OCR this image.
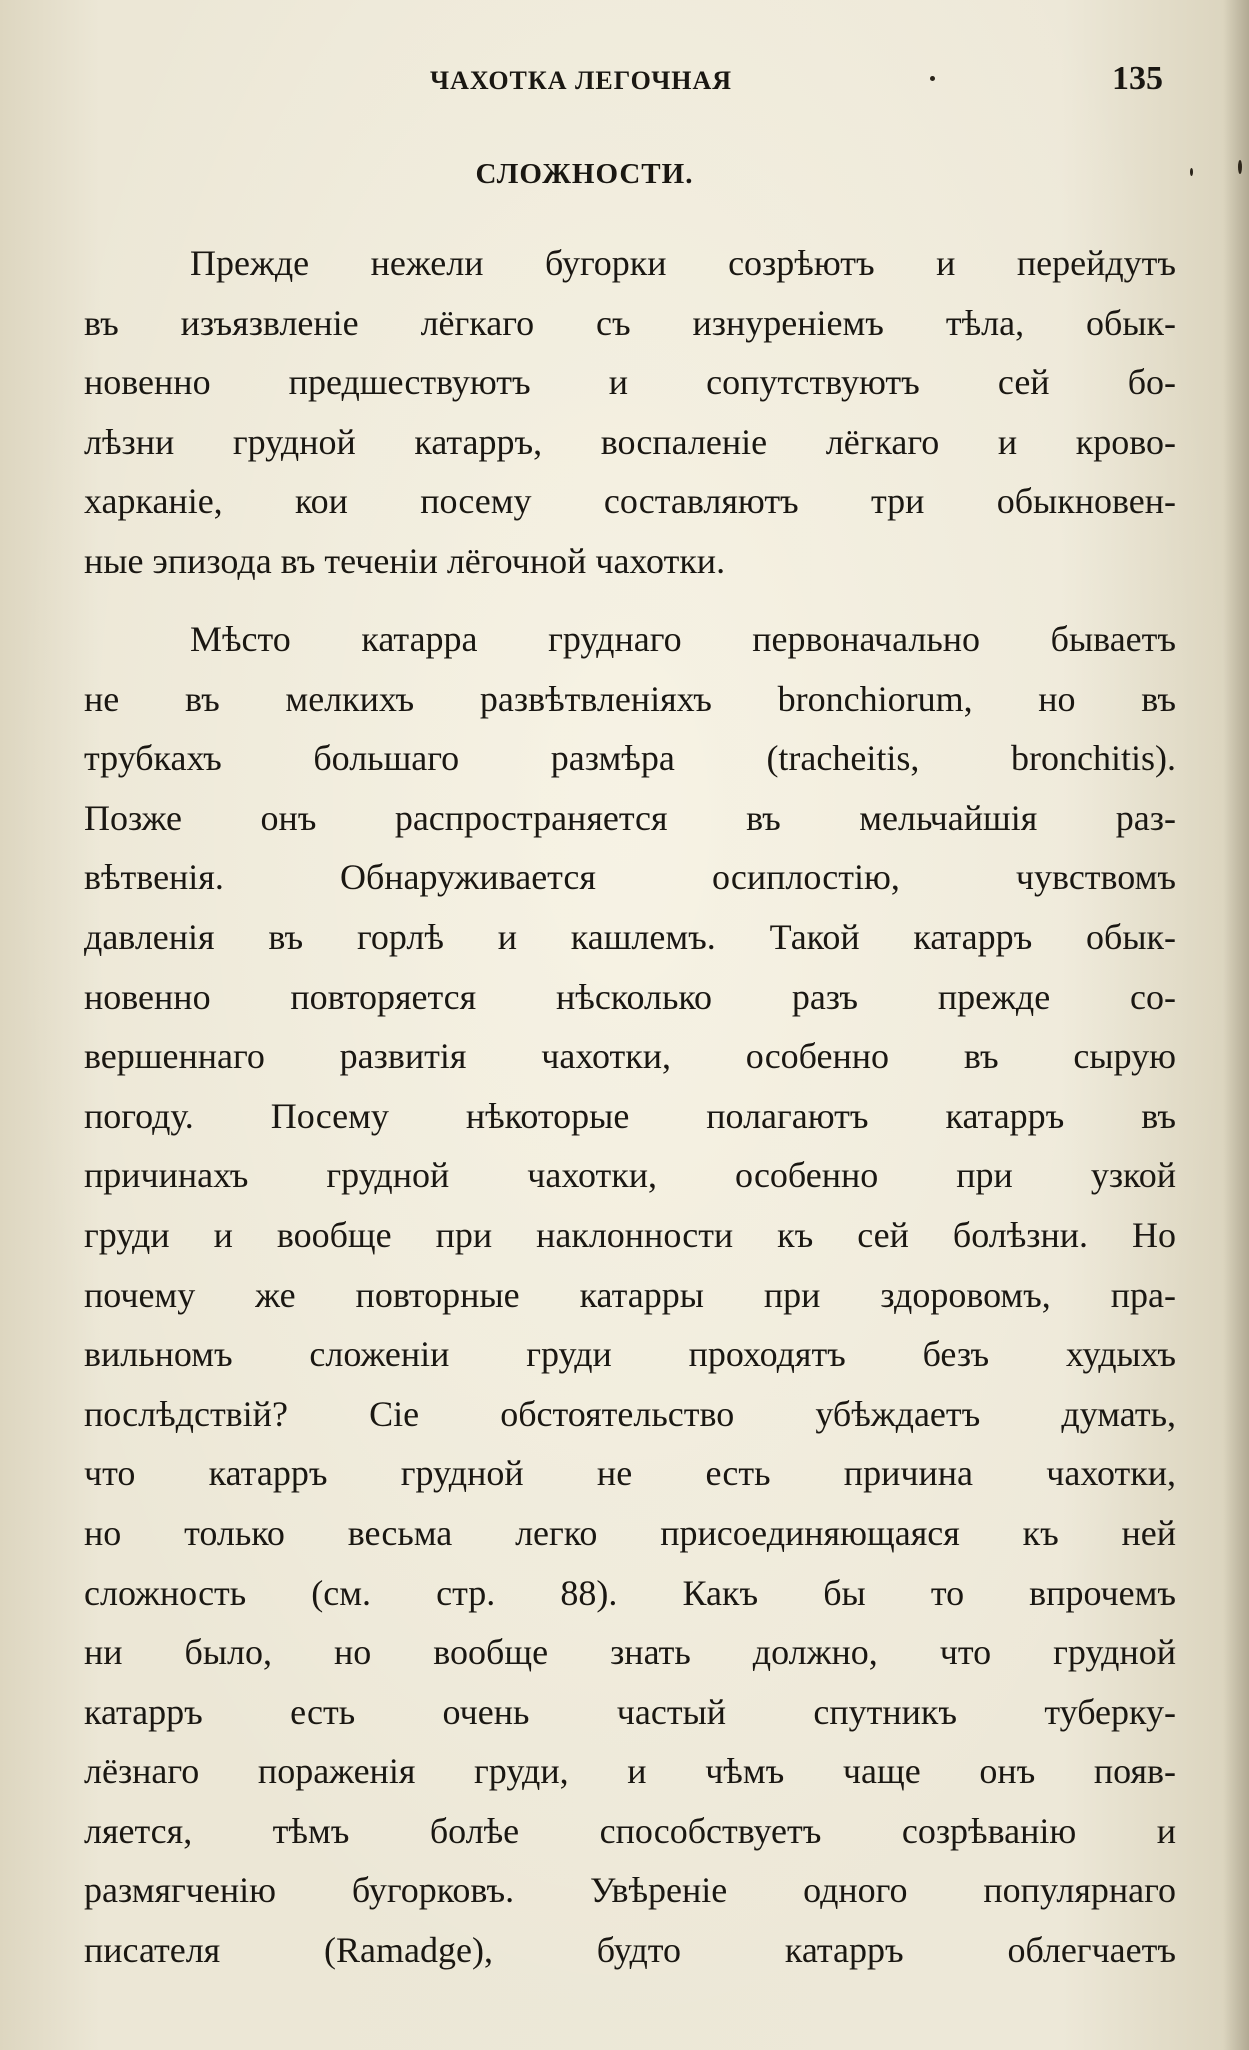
ЧАХОТКА ЛЕГОЧНАЯ	135
СЛОЖНОСТИ.
Прежде нежели бугорки созрѣютъ и перейдутъ
въ изъязвленіе лёгкаго съ изнуреніемъ тѣла, обык-
новенно предшествуютъ и сопутствуютъ сей бо-
лѣзни грудной катарръ, воспаленіе лёгкаго и крово-
харканіе, кои посему составляютъ три обыкновен-
ные эпизода въ теченіи лёгочной чахотки.
Мѣсто катарра груднаго первоначально бываетъ
не въ мелкихъ развѣтвленіяхъ bronchiorum, но въ
трубкахъ большаго размѣра (tracheitis, bronchitis).
Позже онъ распространяется въ мельчайшія раз-
вѣтвенія. Обнаруживается осиплостію, чувствомъ
давленія въ горлѣ и кашлемъ. Такой катарръ обык-
новенно повторяется нѣсколько разъ прежде со-
вершеннаго развитія чахотки, особенно въ сырую
погоду. Посему нѣкоторые полагаютъ катарръ въ
причинахъ грудной чахотки, особенно при узкой
груди и вообще при наклонности къ сей болѣзни. Но
почему же повторные катарры при здоровомъ, пра-
вильномъ сложеніи груди проходятъ безъ худыхъ
послѣдствій? Сіе обстоятельство убѣждаетъ думать,
что катарръ грудной не есть причина чахотки,
но только весьма легко присоединяющаяся къ ней
сложность (см. стр. 88). Какъ бы то впрочемъ
ни было, но вообще знать должно, что грудной
катарръ есть очень частый спутникъ туберку-
лёзнаго пораженія груди, и чѣмъ чаще онъ появ-
ляется, тѣмъ болѣе способствуетъ созрѣванію и
размягченію бугорковъ. Увѣреніе одного популярнаго
писателя (Ramadge), будто катарръ облегчаетъ
